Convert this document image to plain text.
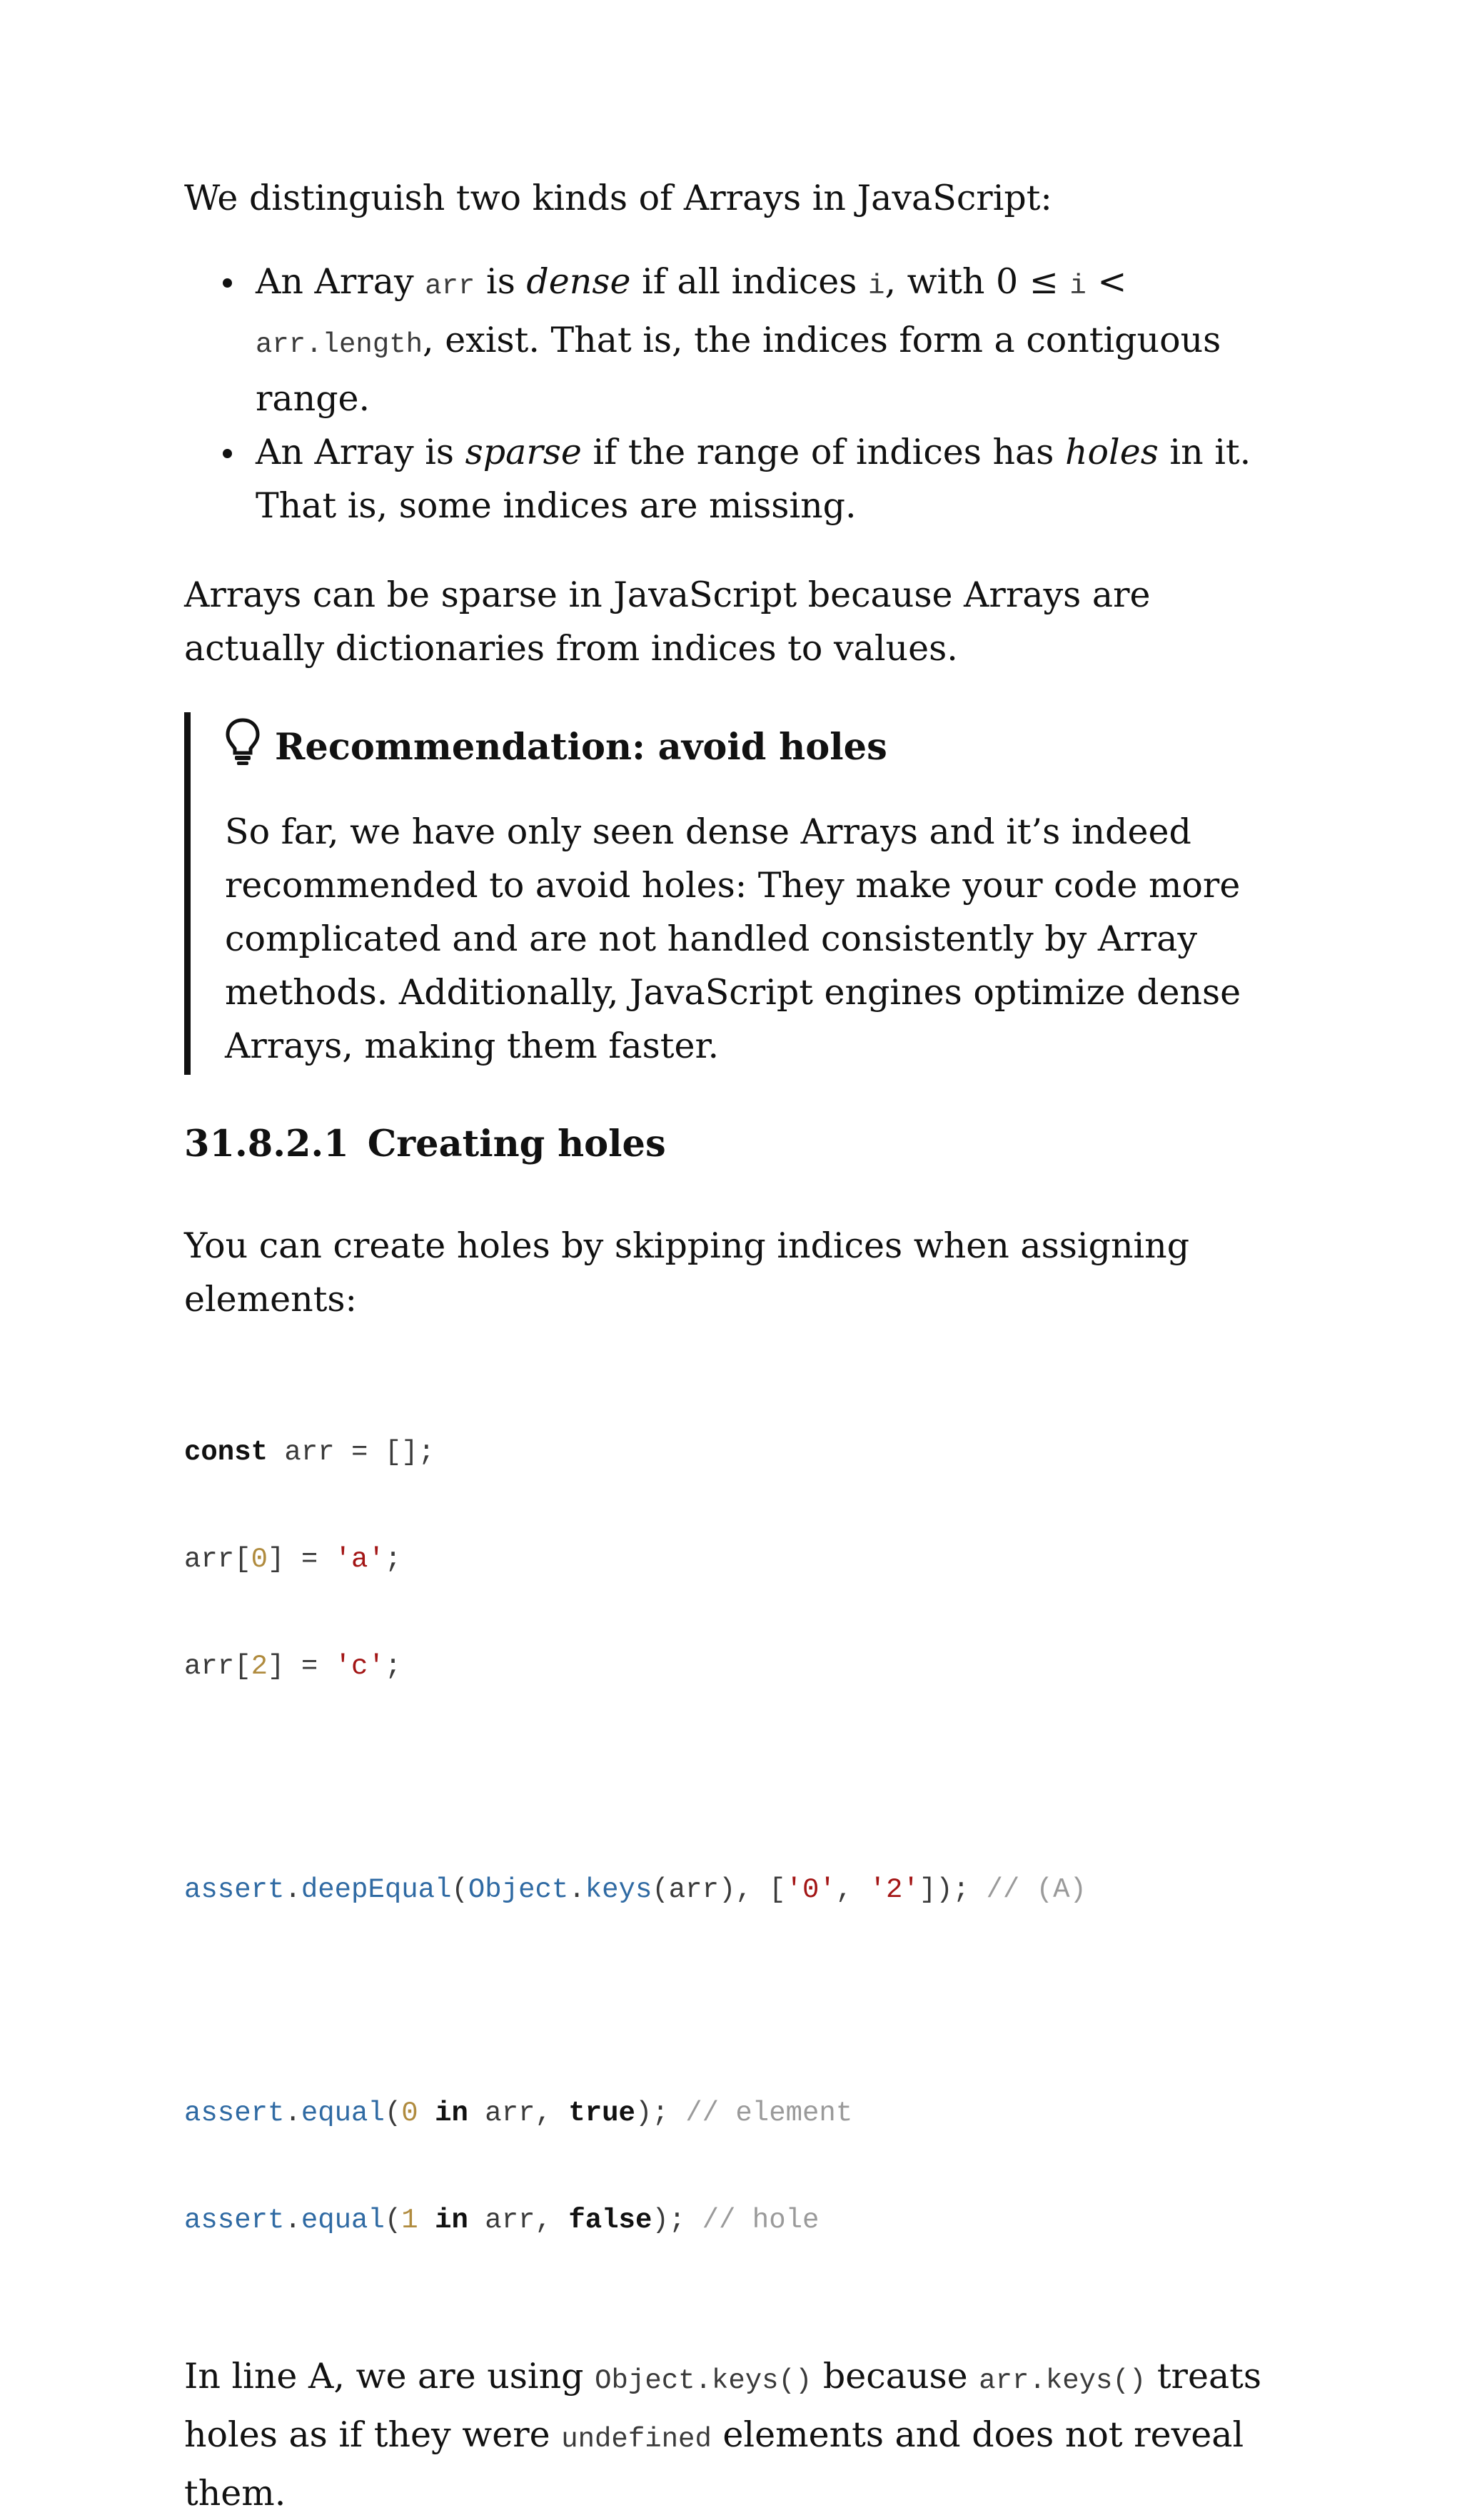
We distinguish two kinds of Arrays in JavaScript:

An Array arr is dense if all indices i, with 0 ≤ i < arr.length, exist. That is, the indices form a contiguous range.
An Array is sparse if the range of indices has holes in it. That is, some indices are missing.

Arrays can be sparse in JavaScript because Arrays are actually dictionaries from indices to values.

Recommendation: avoid holes

So far, we have only seen dense Arrays and it’s indeed recommended to avoid holes: They make your code more complicated and are not handled consistently by Array methods. Additionally, JavaScript engines optimize dense Arrays, making them faster.

31.8.2.1 Creating holes

You can create holes by skipping indices when assigning elements:

const arr = [];

arr[0] = 'a';

arr[2] = 'c';

assert.deepEqual(Object.keys(arr), ['0', '2']); // (A)

assert.equal(0 in arr, true); // element

assert.equal(1 in arr, false); // hole

In line A, we are using Object.keys() because arr.keys() treats holes as if they were undefined elements and does not reveal them.
